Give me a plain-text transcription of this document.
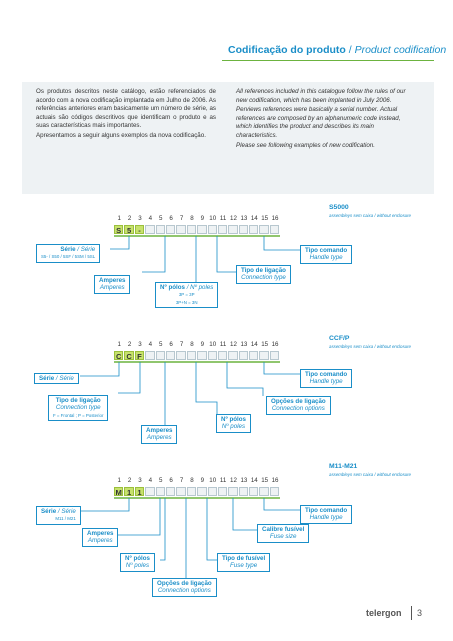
Codificação do produto / Product codification

Os produtos descritos neste catálogo, estão referenciados de acordo com a nova codificação implantada em Julho de 2006. As referências anteriores eram basicamente um número de série, as actuais são códigos descritivos que identificam o produto e as suas características mais importantes.

Apresentamos a seguir alguns exemplos da nova codificação.

All references included in this catalogue follow the rules of our new codification, which has been implanted in July 2006.

Perviews references were basically a serial number. Actual references are composed by an alphanumeric code instead, which identifies the product and describes its main characteristics.

Please see following examples of new codification.

S5000
assembleys sem caixa / without enclosure
1	2	3	4	5	6	7	8	9 10 11 12 13 14 15 16
S 5 -
Série / Série
S5- / S50 / 5SF / 5SM / 5SL
Amperes
Amperes	Nº pólos / Nº poles
3P = 3P
3P+N = 3N
Tipo de ligação
Connection type
Tipo comando
Handle type
CCF/P
assembleys sem caixa / without enclosure
1	2	3	4	5	6	7	8	9 10 11 12 13 14 15 16
C C F
Série / Série
Tipo de ligação
Connection type
F = Frontal ; P = Posterior
Amperes
Amperes
Nº pólos
Nº poles
Opções de ligação
Connection options
Tipo comando
Handle type
M11-M21
assembleys sem caixa / without enclosure
1	2	3	4	5	6	7	8	9 10 11 12 13 14 15 16
M 1 1
Série / Série
M11 / M21
Amperes
Amperes
Nº pólos
Nº poles
Opções de ligação
Connection options
Tipo de fusível
Fuse type
Calibre fusível
Fuse size
Tipo comando
Handle type
telergon 3
